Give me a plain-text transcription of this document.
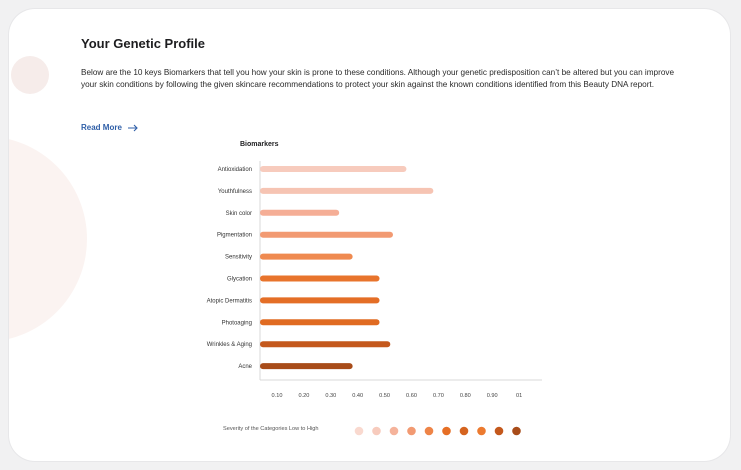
Your Genetic Profile

Below are the 10 keys Biomarkers that tell you how your skin is prone to these conditions. Although your genetic predisposition can’t be altered but you can improve your skin conditions by following the given skincare recommendations to protect your skin against the known conditions identified from this Beauty DNA report.

Read More
Biomarkers
Antioxidation
Youthfulness
Skin color
Pigmentation
Sensitivity
Glycation
Atopic Dermatitis
Photoaging
Wrinkles & Aging
Acne
0.10	0.20	0.30	0.40	0.50	0.60	0.70	0.80	0.90	01
Severity of the Categories Low to High
